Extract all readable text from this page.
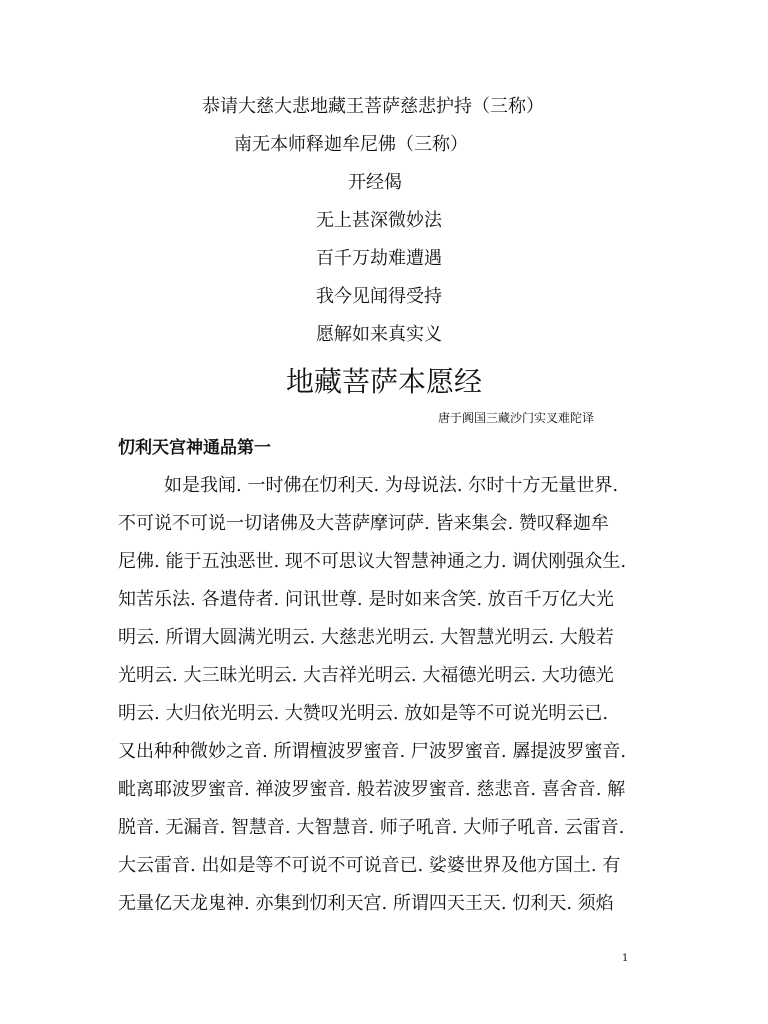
恭请大慈大悲地藏王菩萨慈悲护持（三称）
南无本师释迦牟尼佛（三称）
开经偈
无上甚深微妙法
百千万劫难遭遇
我今见闻得受持
愿解如来真实义
地藏菩萨本愿经
唐于阗国三藏沙门实叉难陀译
忉利天宫神通品第一
如是我闻. 一时佛在忉利天. 为母说法. 尔时十方无量世界.
不可说不可说一切诸佛及大菩萨摩诃萨. 皆来集会. 赞叹释迦牟
尼佛. 能于五浊恶世. 现不可思议大智慧神通之力. 调伏刚强众生.
知苦乐法. 各遣侍者. 问讯世尊. 是时如来含笑. 放百千万亿大光
明云. 所谓大圆满光明云. 大慈悲光明云. 大智慧光明云. 大般若
光明云. 大三昧光明云. 大吉祥光明云. 大福德光明云. 大功德光
明云. 大归依光明云. 大赞叹光明云. 放如是等不可说光明云已.
又出种种微妙之音. 所谓檀波罗蜜音. 尸波罗蜜音. 羼提波罗蜜音.
毗离耶波罗蜜音. 禅波罗蜜音. 般若波罗蜜音. 慈悲音. 喜舍音. 解
脱音. 无漏音. 智慧音. 大智慧音. 师子吼音. 大师子吼音. 云雷音.
大云雷音. 出如是等不可说不可说音已. 娑婆世界及他方国土. 有
无量亿天龙鬼神. 亦集到忉利天宫. 所谓四天王天. 忉利天. 须焰
1
